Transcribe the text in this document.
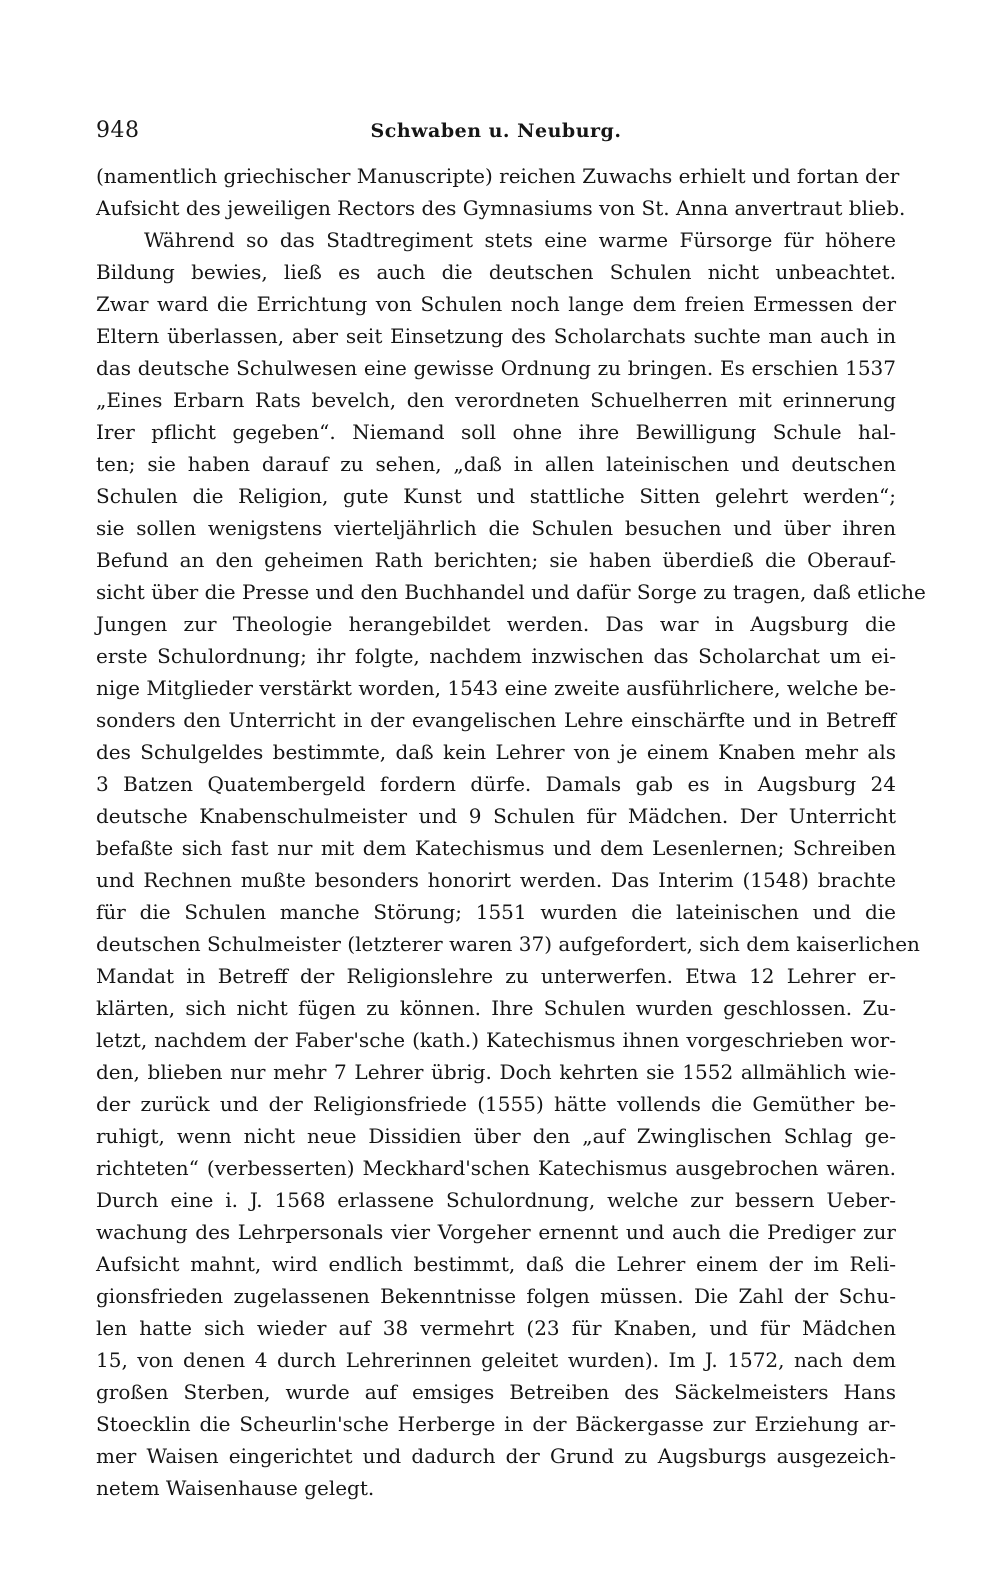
948	Schwaben u. Neuburg.
(namentlich griechischer Manuscripte) reichen Zuwachs erhielt und fortan der
Aufsicht des jeweiligen Rectors des Gymnasiums von St. Anna anvertraut blieb.
Während so das Stadtregiment stets eine warme Fürsorge für höhere
Bildung bewies, ließ es auch die deutschen Schulen nicht unbeachtet.
Zwar ward die Errichtung von Schulen noch lange dem freien Ermessen der
Eltern überlassen, aber seit Einsetzung des Scholarchats suchte man auch in
das deutsche Schulwesen eine gewisse Ordnung zu bringen. Es erschien 1537
„Eines Erbarn Rats bevelch, den verordneten Schuelherren mit erinnerung
Irer pflicht gegeben“. Niemand soll ohne ihre Bewilligung Schule hal-
ten; sie haben darauf zu sehen, „daß in allen lateinischen und deutschen
Schulen die Religion, gute Kunst und stattliche Sitten gelehrt werden“;
sie sollen wenigstens vierteljährlich die Schulen besuchen und über ihren
Befund an den geheimen Rath berichten; sie haben überdieß die Oberauf-
sicht über die Presse und den Buchhandel und dafür Sorge zu tragen, daß etliche
Jungen zur Theologie herangebildet werden. Das war in Augsburg die
erste Schulordnung; ihr folgte, nachdem inzwischen das Scholarchat um ei-
nige Mitglieder verstärkt worden, 1543 eine zweite ausführlichere, welche be-
sonders den Unterricht in der evangelischen Lehre einschärfte und in Betreff
des Schulgeldes bestimmte, daß kein Lehrer von je einem Knaben mehr als
3 Batzen Quatembergeld fordern dürfe. Damals gab es in Augsburg 24
deutsche Knabenschulmeister und 9 Schulen für Mädchen. Der Unterricht
befaßte sich fast nur mit dem Katechismus und dem Lesenlernen; Schreiben
und Rechnen mußte besonders honorirt werden. Das Interim (1548) brachte
für die Schulen manche Störung; 1551 wurden die lateinischen und die
deutschen Schulmeister (letzterer waren 37) aufgefordert, sich dem kaiserlichen
Mandat in Betreff der Religionslehre zu unterwerfen. Etwa 12 Lehrer er-
klärten, sich nicht fügen zu können. Ihre Schulen wurden geschlossen. Zu-
letzt, nachdem der Faber'sche (kath.) Katechismus ihnen vorgeschrieben wor-
den, blieben nur mehr 7 Lehrer übrig. Doch kehrten sie 1552 allmählich wie-
der zurück und der Religionsfriede (1555) hätte vollends die Gemüther be-
ruhigt, wenn nicht neue Dissidien über den „auf Zwinglischen Schlag ge-
richteten“ (verbesserten) Meckhard'schen Katechismus ausgebrochen wären.
Durch eine i. J. 1568 erlassene Schulordnung, welche zur bessern Ueber-
wachung des Lehrpersonals vier Vorgeher ernennt und auch die Prediger zur
Aufsicht mahnt, wird endlich bestimmt, daß die Lehrer einem der im Reli-
gionsfrieden zugelassenen Bekenntnisse folgen müssen. Die Zahl der Schu-
len hatte sich wieder auf 38 vermehrt (23 für Knaben, und für Mädchen
15, von denen 4 durch Lehrerinnen geleitet wurden). Im J. 1572, nach dem
großen Sterben, wurde auf emsiges Betreiben des Säckelmeisters Hans
Stoecklin die Scheurlin'sche Herberge in der Bäckergasse zur Erziehung ar-
mer Waisen eingerichtet und dadurch der Grund zu Augsburgs ausgezeich-
netem Waisenhause gelegt.
